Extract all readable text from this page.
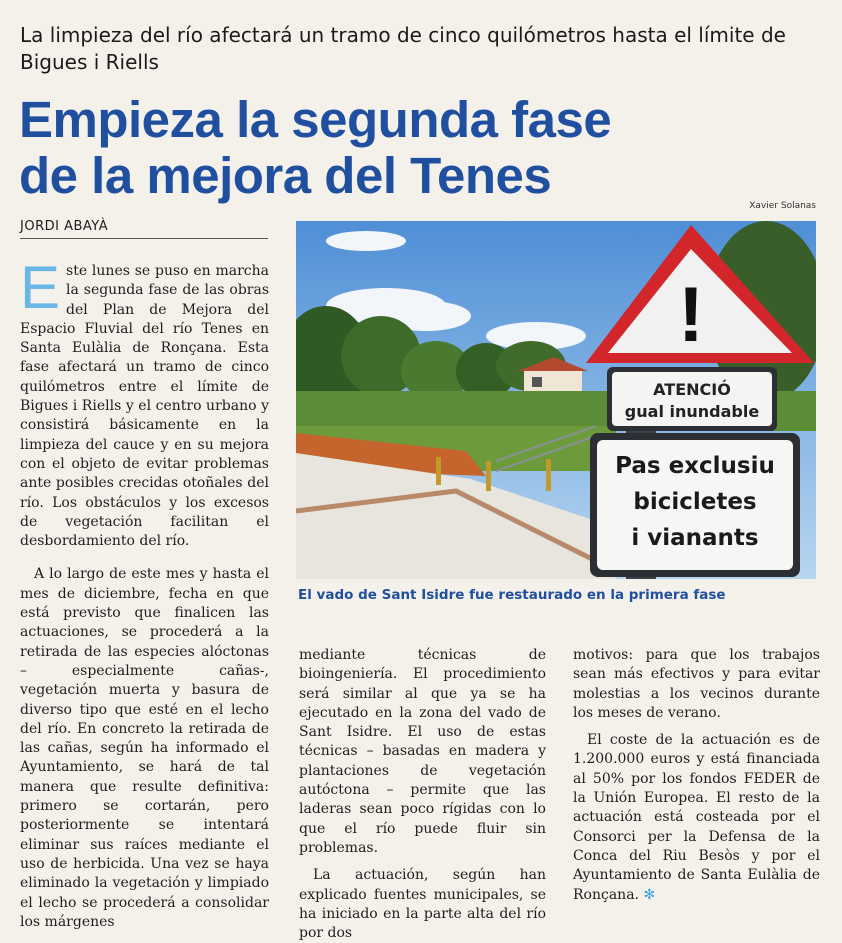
La limpieza del río afectará un tramo de cinco quilómetros hasta el límite de Bigues i Riells
Empieza la segunda fase
de la mejora del Tenes
JORDI ABAYÀ
Xavier Solanas
!
ATENCIÓ
gual inundable
Pas exclusiu
bicicletes
i vianants
El vado de Sant Isidre fue restaurado en la primera fase

Este lunes se puso en marcha la segunda fase de las obras del Plan de Mejora del Espacio Fluvial del río Tenes en Santa Eulàlia de Ronçana. Esta fase afectará un tramo de cinco quilómetros entre el límite de Bigues i Riells y el centro urbano y consistirá básicamente en la limpieza del cauce y en su mejora con el objeto de evitar problemas ante posibles crecidas otoñales del río. Los obstáculos y los excesos de vegetación facilitan el desbordamiento del río.

A lo largo de este mes y hasta el mes de diciembre, fecha en que está previsto que finalicen las actuaciones, se procederá a la retirada de las especies alóctonas – especialmente cañas-, vegetación muerta y basura de diverso tipo que esté en el lecho del río. En concreto la retirada de las cañas, según ha informado el Ayuntamiento, se hará de tal manera que resulte definitiva: primero se cortarán, pero posteriormente se intentará eliminar sus raíces mediante el uso de herbicida. Una vez se haya eliminado la vegetación y limpiado el lecho se procederá a consolidar los márgenes

mediante técnicas de bioingeniería. El procedimiento será similar al que ya se ha ejecutado en la zona del vado de Sant Isidre. El uso de estas técnicas – basadas en madera y plantaciones de vegetación autóctona – permite que las laderas sean poco rígidas con lo que el río puede fluir sin problemas.

La actuación, según han explicado fuentes municipales, se ha iniciado en la parte alta del río por dos

motivos: para que los trabajos sean más efectivos y para evitar molestias a los vecinos durante los meses de verano.

El coste de la actuación es de 1.200.000 euros y está financiada al 50% por los fondos FEDER de la Unión Europea. El resto de la actuación está costeada por el Consorci per la Defensa de la Conca del Riu Besòs y por el Ayuntamiento de Santa Eulàlia de Ronçana. ✻
